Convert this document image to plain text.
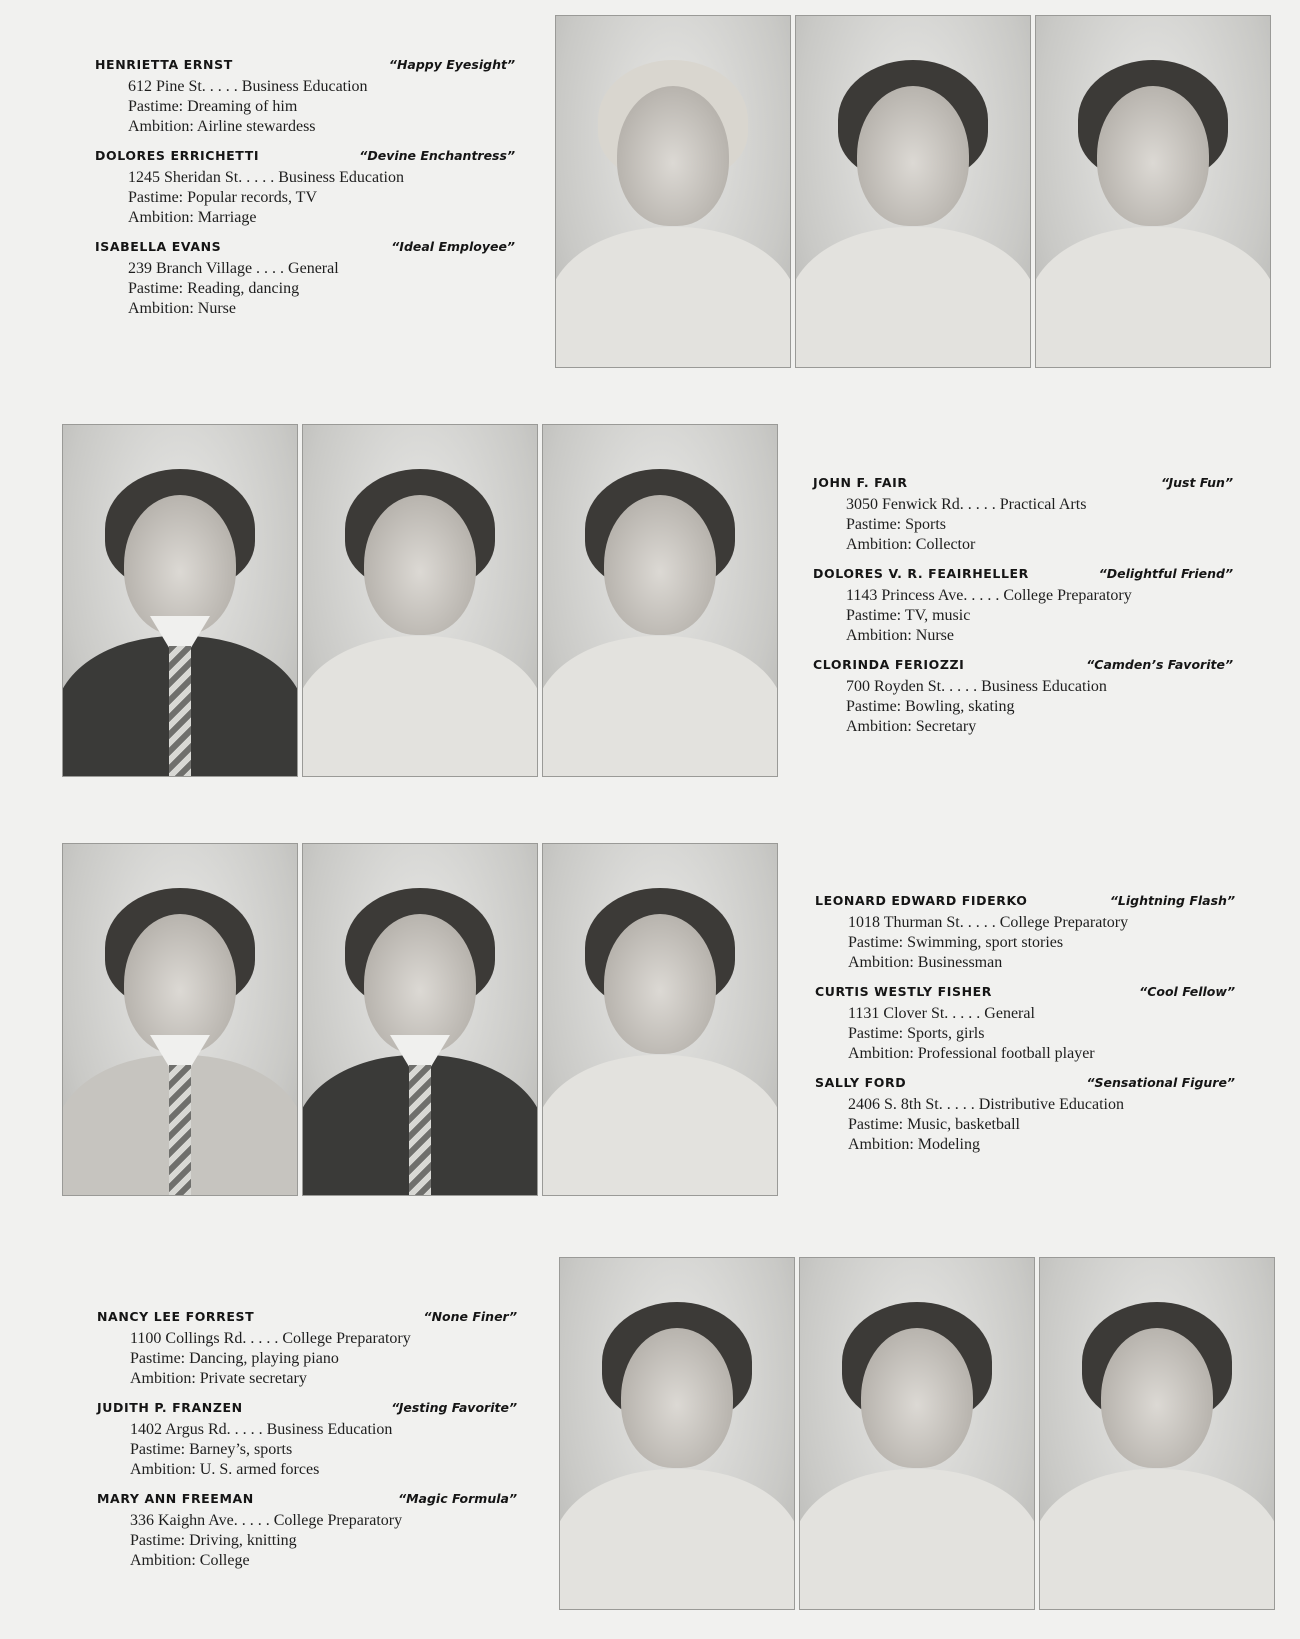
HENRIETTA ERNST	“Happy Eyesight”
612 Pine St. . . . . Business Education
Pastime: Dreaming of him
Ambition: Airline stewardess
DOLORES ERRICHETTI	“Devine Enchantress”
1245 Sheridan St. . . . . Business Education
Pastime: Popular records, TV
Ambition: Marriage
ISABELLA EVANS	“Ideal Employee”
239 Branch Village . . . . General
Pastime: Reading, dancing
Ambition: Nurse
JOHN F. FAIR	“Just Fun”
3050 Fenwick Rd. . . . . Practical Arts
Pastime: Sports
Ambition: Collector
DOLORES V. R. FEAIRHELLER	“Delightful Friend”
1143 Princess Ave. . . . . College Preparatory
Pastime: TV, music
Ambition: Nurse
CLORINDA FERIOZZI	“Camden’s Favorite”
700 Royden St. . . . . Business Education
Pastime: Bowling, skating
Ambition: Secretary
LEONARD EDWARD FIDERKO	“Lightning Flash”
1018 Thurman St. . . . . College Preparatory
Pastime: Swimming, sport stories
Ambition: Businessman
CURTIS WESTLY FISHER	“Cool Fellow”
1131 Clover St. . . . . General
Pastime: Sports, girls
Ambition: Professional football player
SALLY FORD	“Sensational Figure”
2406 S. 8th St. . . . . Distributive Education
Pastime: Music, basketball
Ambition: Modeling
NANCY LEE FORREST	“None Finer”
1100 Collings Rd. . . . . College Preparatory
Pastime: Dancing, playing piano
Ambition: Private secretary
JUDITH P. FRANZEN	“Jesting Favorite”
1402 Argus Rd. . . . . Business Education
Pastime: Barney’s, sports
Ambition: U. S. armed forces
MARY ANN FREEMAN	“Magic Formula”
336 Kaighn Ave. . . . . College Preparatory
Pastime: Driving, knitting
Ambition: College
